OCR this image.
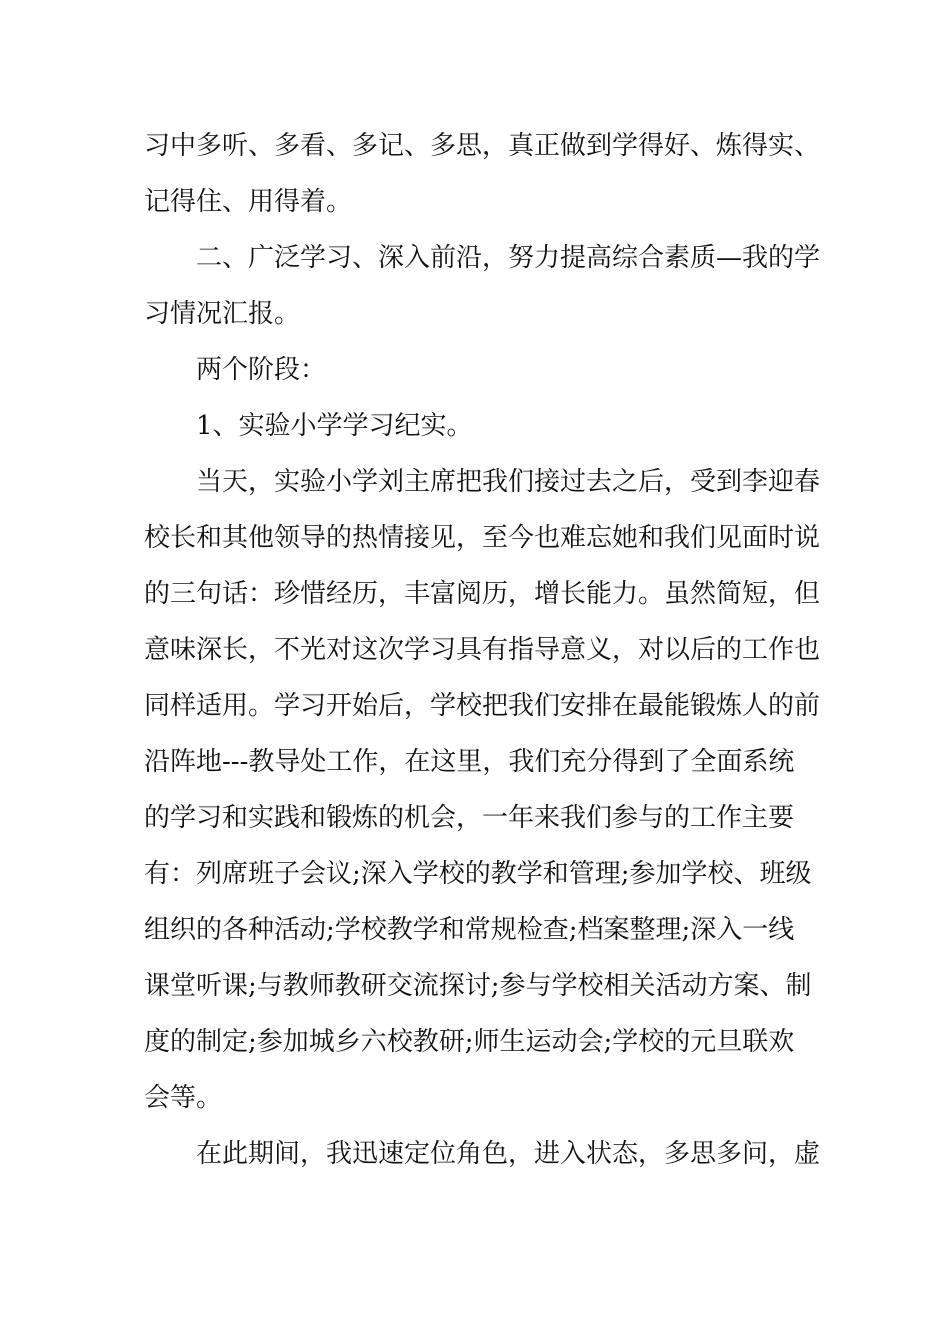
习中多听、多看、多记、多思，真正做到学得好、炼得实、
记得住、用得着。
二、广泛学习、深入前沿，努力提高综合素质—我的学
习情况汇报。
两个阶段：
1、实验小学学习纪实。
当天，实验小学刘主席把我们接过去之后，受到李迎春
校长和其他领导的热情接见，至今也难忘她和我们见面时说
的三句话：珍惜经历，丰富阅历，增长能力。虽然简短，但
意味深长，不光对这次学习具有指导意义，对以后的工作也
同样适用。学习开始后，学校把我们安排在最能锻炼人的前
沿阵地---教导处工作，在这里，我们充分得到了全面系统
的学习和实践和锻炼的机会，一年来我们参与的工作主要
有：列席班子会议;深入学校的教学和管理;参加学校、班级
组织的各种活动;学校教学和常规检查;档案整理;深入一线
课堂听课;与教师教研交流探讨;参与学校相关活动方案、制
度的制定;参加城乡六校教研;师生运动会;学校的元旦联欢
会等。
在此期间，我迅速定位角色，进入状态，多思多问，虚
